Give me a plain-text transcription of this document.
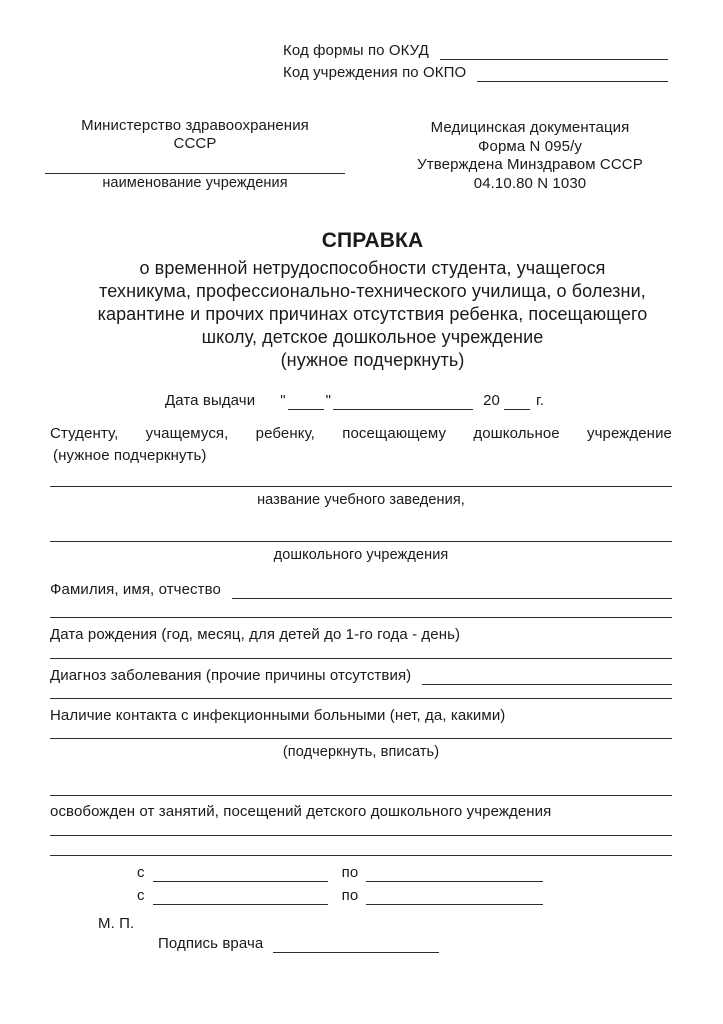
Код формы по ОКУД
Код учреждения по ОКПО
Министерство здравоохранения
СССР
наименование учреждения
Медицинская документация
Форма N 095/у
Утверждена Минздравом СССР
04.10.80 N 1030
СПРАВКА
о временной нетрудоспособности студента, учащегося
техникума, профессионально-технического училища, о болезни,
карантине и прочих причинах отсутствия ребенка, посещающего
школу, детское дошкольное учреждение
(нужное подчеркнуть)
Дата выдачи "	"	20 г.
Студенту, учащемуся, ребенку, посещающему дошкольное учреждение
(нужное подчеркнуть)
название учебного заведения,
дошкольного учреждения
Фамилия, имя, отчество
Дата рождения (год, месяц, для детей до 1-го года - день)
Диагноз заболевания (прочие причины отсутствия)
Наличие контакта с инфекционными больными (нет, да, какими)
(подчеркнуть, вписать)
освобожден от занятий, посещений детского дошкольного учреждения
с	по
с	по
М. П.
Подпись врача
